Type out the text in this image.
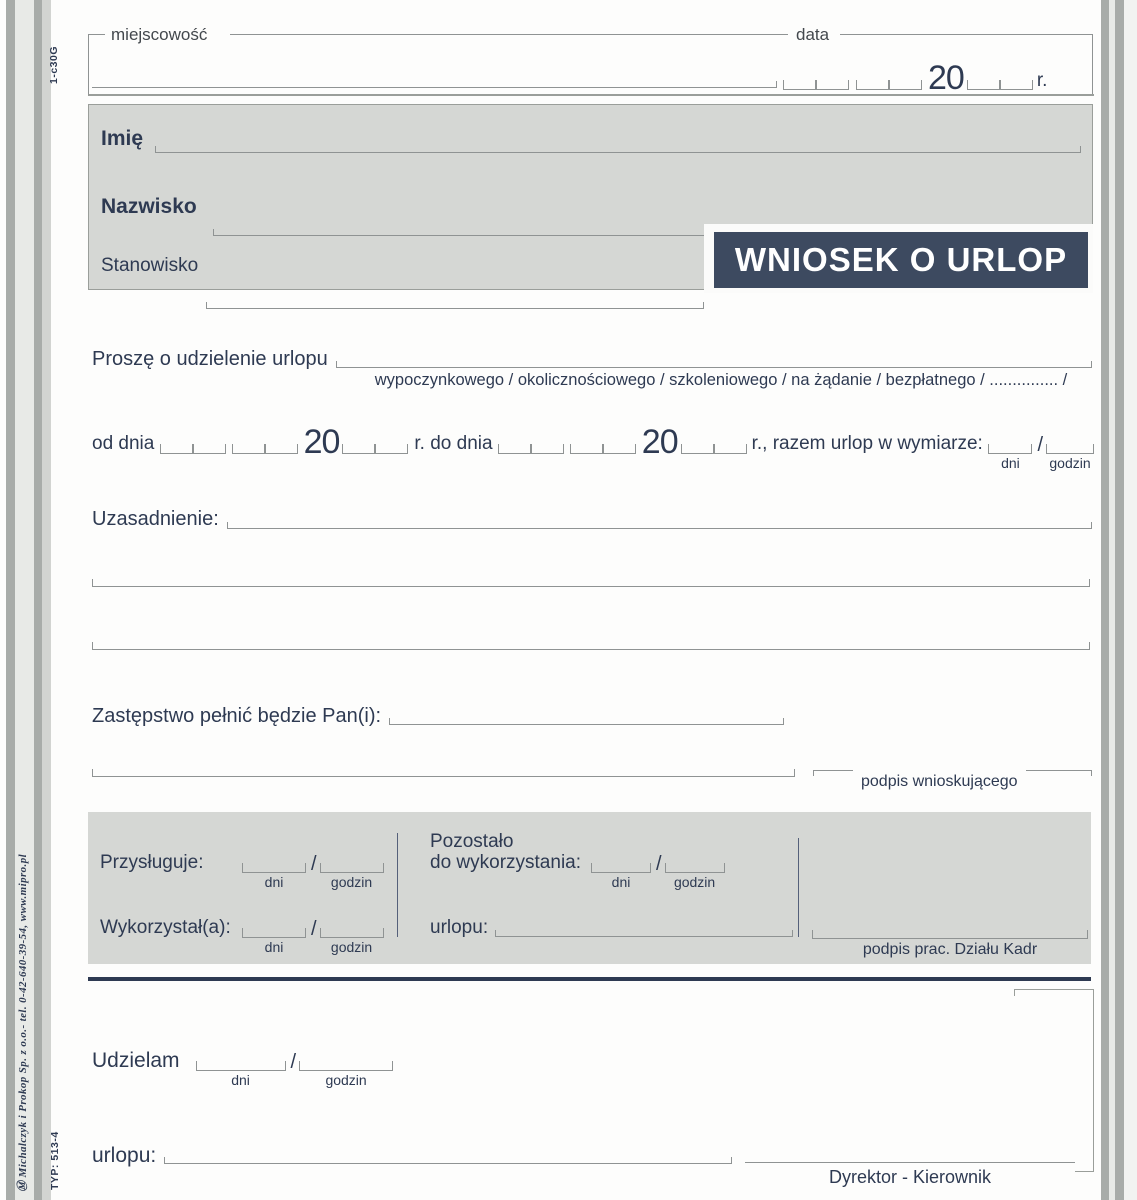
1-c30G
Ⓜ Michalczyk i Prokop Sp. z o.o.- tel. 0-42-640-39-54, www.mipro.pl TYP: 513-4
miejscowość	data
20	r.
Imię
Nazwisko
Stanowisko	WNIOSEK O URLOP
Proszę o udzielenie urlopu
wypoczynkowego / okolicznościowego / szkoleniowego / na żądanie / bezpłatnego / ............... /
od dnia	20	r. do dnia	20	r., razem urlop w wymiarze:
dni
/
godzin
Uzasadnienie:
Zastępstwo pełnić będzie Pan(i):
podpis wnioskującego
Przysługuje:
dni
/
godzin
Wykorzystał(a):
dni
/
godzin
Pozostało
do wykorzystania:
dni
/
godzin
urlopu:
podpis prac. Działu Kadr
Udzielam
dni
/
godzin
urlopu:
Dyrektor - Kierownik
